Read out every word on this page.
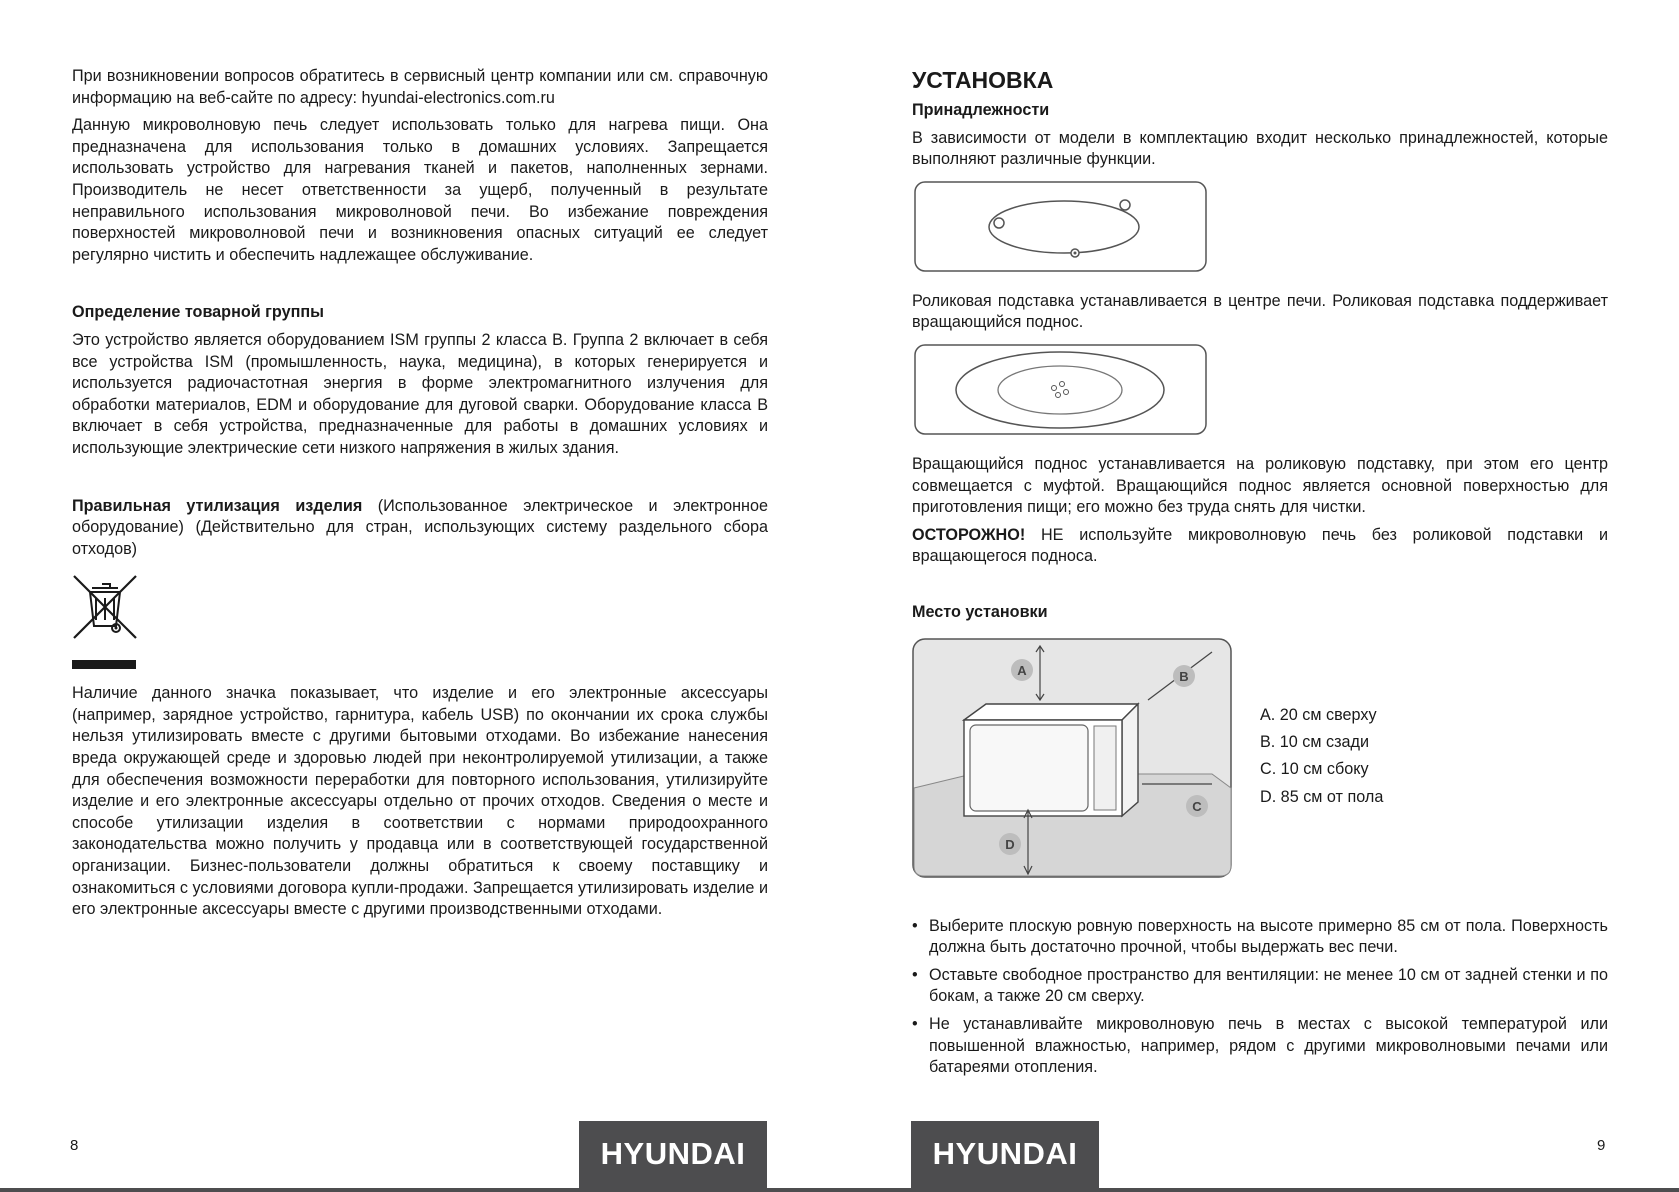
При возникновении вопросов обратитесь в сервисный центр компании или см. справочную информацию на веб-сайте по адресу: hyundai-electronics.com.ru

Данную микроволновую печь следует использовать только для нагрева пищи. Она предназначена для использования только в домашних условиях. Запрещается использовать устройство для нагревания тканей и пакетов, наполненных зернами. Производитель не несет ответственности за ущерб, полученный в результате неправильного использования микроволновой печи. Во избежание повреждения поверхностей микроволновой печи и возникновения опасных ситуаций ее следует регулярно чистить и обеспечить надлежащее обслуживание.

Определение товарной группы

Это устройство является оборудованием ISM группы 2 класса B. Группа 2 включает в себя все устройства ISM (промышленность, наука, медицина), в которых генерируется и используется радиочастотная энергия в форме электромагнитного излучения для обработки материалов, EDM и оборудование для дуговой сварки. Оборудование класса B включает в себя устройства, предназначенные для работы в домашних условиях и использующие электрические сети низкого напряжения в жилых здания.

Правильная утилизация изделия (Использованное электрическое и электронное оборудование) (Действительно для стран, использующих систему раздельного сбора отходов)

Наличие данного значка показывает, что изделие и его электронные аксессуары (например, зарядное устройство, гарнитура, кабель USB) по окончании их срока службы нельзя утилизировать вместе с другими бытовыми отходами. Во избежание нанесения вреда окружающей среде и здоровью людей при неконтролируемой утилизации, а также для обеспечения возможности переработки для повторного использования, утилизируйте изделие и его электронные аксессуары отдельно от прочих отходов. Сведения о месте и способе утилизации изделия в соответствии с нормами природоохранного законодательства можно получить у продавца или в соответствующей государственной организации. Бизнес-пользователи должны обратиться к своему поставщику и ознакомиться с условиями договора купли-продажи. Запрещается утилизировать изделие и его электронные аксессуары вместе с другими производственными отходами.

8	HYUNDAI
УСТАНОВКА
Принадлежности

В зависимости от модели в комплектацию входит несколько принадлежностей, которые выполняют различные функции.

Роликовая подставка устанавливается в центре печи. Роликовая подставка поддерживает вращающийся поднос.

Вращающийся поднос устанавливается на роликовую подставку, при этом его центр совмещается с муфтой. Вращающийся поднос является основной поверхностью для приготовления пищи; его можно без труда снять для чистки.

ОСТОРОЖНО! НЕ используйте микроволновую печь без роликовой подставки и вращающегося подноса.

Место установки
A	B
C
D
A. 20 см сверху
B. 10 см сзади
C. 10 см сбоку
D. 85 см от пола
• Выберите плоскую ровную поверхность на высоте примерно 85 см от пола. Поверхность должна быть достаточно прочной, чтобы выдержать вес печи.
• Оставьте свободное пространство для вентиляции: не менее 10 см от задней стенки и по бокам, а также 20 см сверху.
• Не устанавливайте микроволновую печь в местах с высокой температурой или повышенной влажностью, например, рядом с другими микроволновыми печами или батареями отопления.
9
HYUNDAI
